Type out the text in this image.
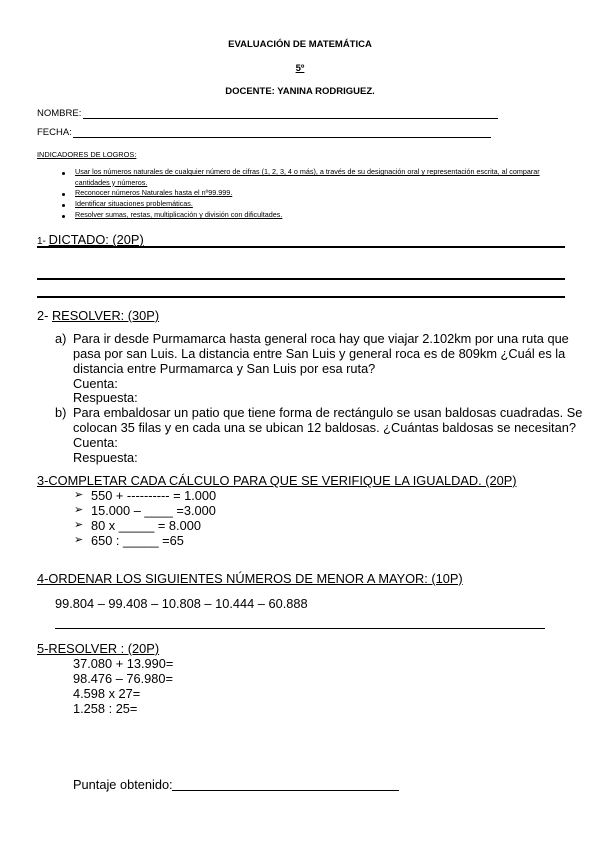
EVALUACIÓN DE MATEMÁTICA
5º
DOCENTE: YANINA RODRIGUEZ.
NOMBRE:
FECHA:
INDICADORES DE LOGROS:
Usar los números naturales de cualquier número de cifras (1, 2, 3, 4 o más), a través de su designación oral y representación escrita, al comparar cantidades y números.
Reconocer números Naturales hasta el nº99.999.
Identificar situaciones problemáticas.
Resolver sumas, restas, multiplicación y división con dificultades.
1- DICTADO: (20P)
2- RESOLVER: (30P)
a) Para ir desde Purmamarca hasta general roca hay que viajar 2.102km por una ruta que
pasa por san Luis. La distancia entre San Luis y general roca es de 809km ¿Cuál es la
distancia entre Purmamarca y San Luis por esa ruta?
Cuenta:
Respuesta:
b) Para embaldosar un patio que tiene forma de rectángulo se usan baldosas cuadradas. Se
colocan 35 filas y en cada una se ubican 12 baldosas. ¿Cuántas baldosas se necesitan?
Cuenta:
Respuesta:
3-COMPLETAR CADA CÁLCULO PARA QUE SE VERIFIQUE LA IGUALDAD. (20P)
➢ 550 + ---------- = 1.000
➢ 15.000 – ____ =3.000
➢ 80 x _____ = 8.000
➢ 650 : _____ =65
4-ORDENAR LOS SIGUIENTES NÚMEROS DE MENOR A MAYOR: (10P)
99.804 – 99.408 – 10.808 – 10.444 – 60.888
5-RESOLVER : (20P)
37.080 + 13.990=
98.476 – 76.980=
4.598 x 27=
1.258 : 25=
Puntaje obtenido:
